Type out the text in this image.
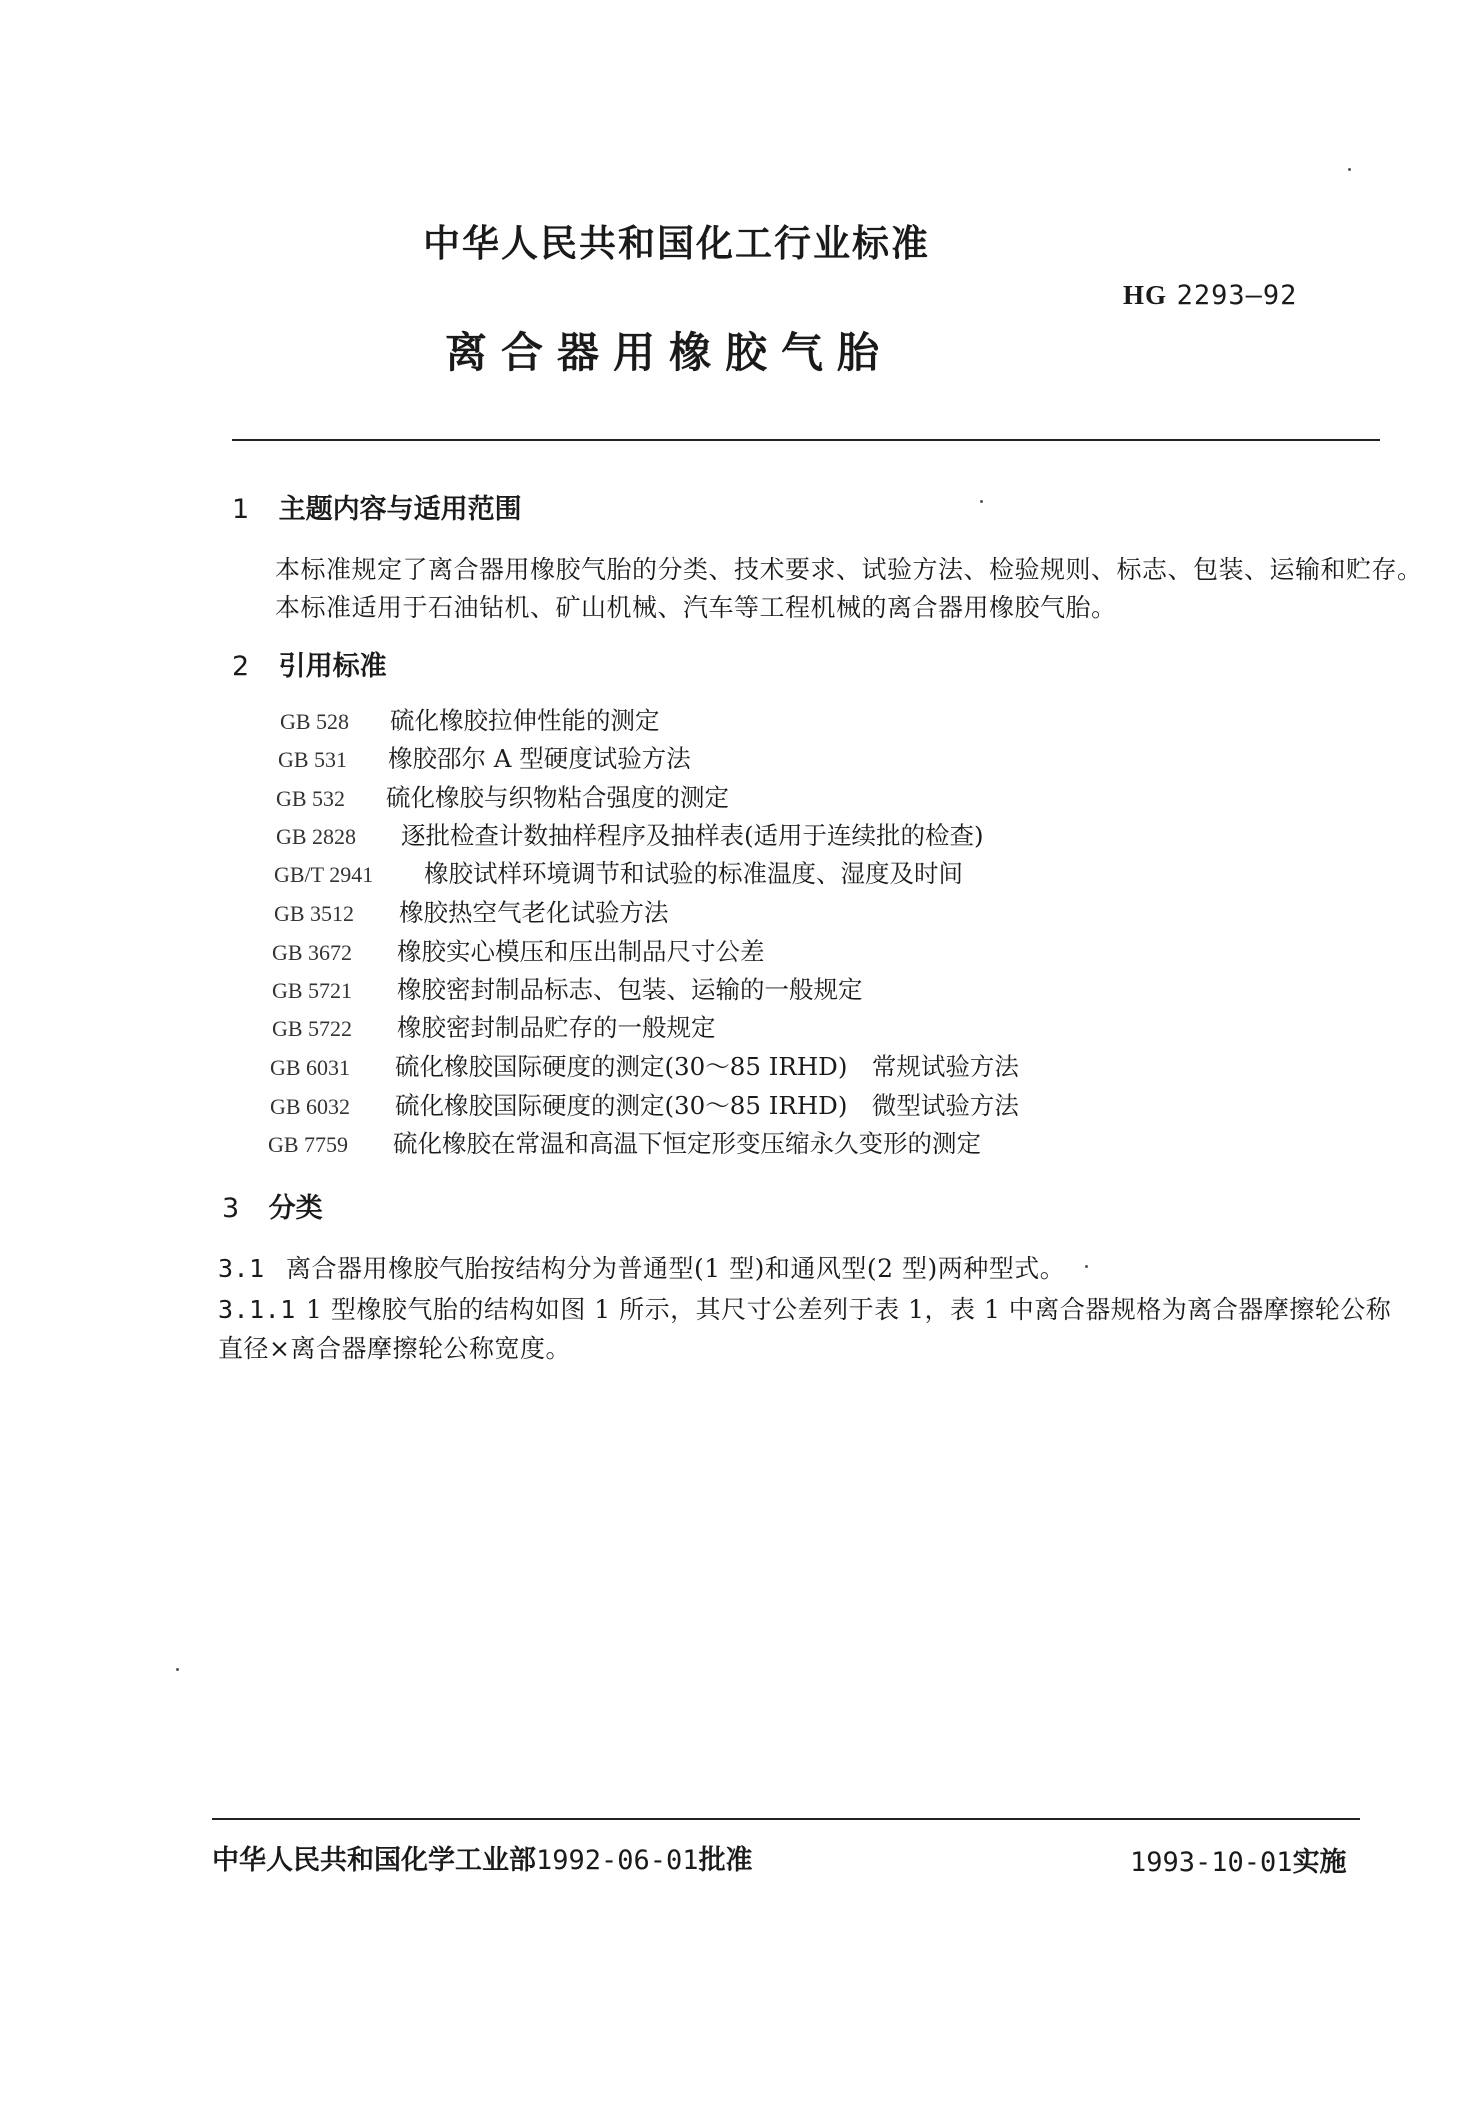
中华人民共和国化工行业标准
HG 2293—92
离合器用橡胶气胎
1 主题内容与适用范围
本标准规定了离合器用橡胶气胎的分类、技术要求、试验方法、检验规则、标志、包装、运输和贮存。
本标准适用于石油钻机、矿山机械、汽车等工程机械的离合器用橡胶气胎。
2 引用标准
GB 528 硫化橡胶拉伸性能的测定
GB 531 橡胶邵尔 A 型硬度试验方法
GB 532 硫化橡胶与织物粘合强度的测定
GB 2828 逐批检查计数抽样程序及抽样表(适用于连续批的检查)
GB/T 2941 橡胶试样环境调节和试验的标准温度、湿度及时间
GB 3512 橡胶热空气老化试验方法
GB 3672 橡胶实心模压和压出制品尺寸公差
GB 5721 橡胶密封制品标志、包装、运输的一般规定
GB 5722 橡胶密封制品贮存的一般规定
GB 6031 硫化橡胶国际硬度的测定(30～85 IRHD)　常规试验方法
GB 6032 硫化橡胶国际硬度的测定(30～85 IRHD)　微型试验方法
GB 7759 硫化橡胶在常温和高温下恒定形变压缩永久变形的测定
3 分类
3.1 离合器用橡胶气胎按结构分为普通型(1 型)和通风型(2 型)两种型式。
3.1.1 1 型橡胶气胎的结构如图 1 所示，其尺寸公差列于表 1，表 1 中离合器规格为离合器摩擦轮公称
直径×离合器摩擦轮公称宽度。
中华人民共和国化学工业部1992-06-01批准	1993-10-01实施
